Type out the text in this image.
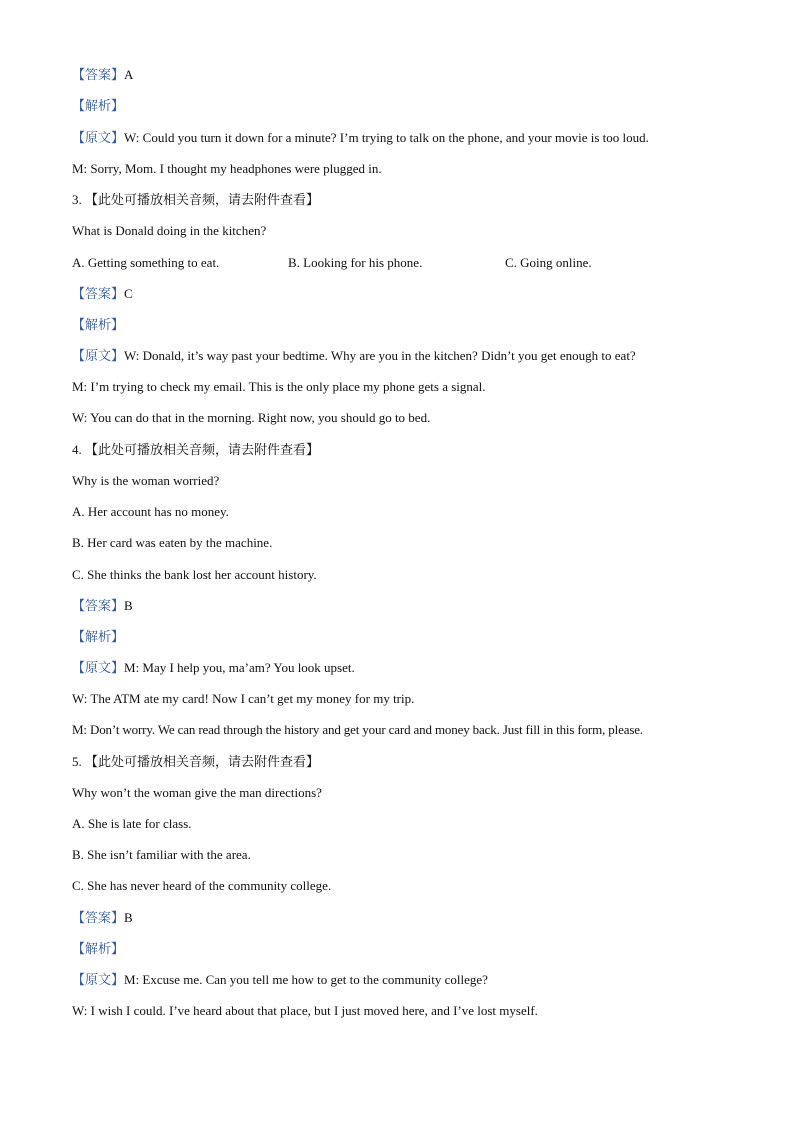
【答案】A
【解析】
【原文】W: Could you turn it down for a minute? I’m trying to talk on the phone, and your movie is too loud.
M: Sorry, Mom. I thought my headphones were plugged in.
3. 【此处可播放相关音频，请去附件查看】
What is Donald doing in the kitchen?
A. Getting something to eat.	B. Looking for his phone.	C. Going online.
【答案】C
【解析】
【原文】W: Donald, it’s way past your bedtime. Why are you in the kitchen? Didn’t you get enough to eat?
M: I’m trying to check my email. This is the only place my phone gets a signal.
W: You can do that in the morning. Right now, you should go to bed.
4. 【此处可播放相关音频，请去附件查看】
Why is the woman worried?
A. Her account has no money.
B. Her card was eaten by the machine.
C. She thinks the bank lost her account history.
【答案】B
【解析】
【原文】M: May I help you, ma’am? You look upset.
W: The ATM ate my card! Now I can’t get my money for my trip.
M: Don’t worry. We can read through the history and get your card and money back. Just fill in this form, please.
5. 【此处可播放相关音频，请去附件查看】
Why won’t the woman give the man directions?
A. She is late for class.
B. She isn’t familiar with the area.
C. She has never heard of the community college.
【答案】B
【解析】
【原文】M: Excuse me. Can you tell me how to get to the community college?
W: I wish I could. I’ve heard about that place, but I just moved here, and I’ve lost myself.
